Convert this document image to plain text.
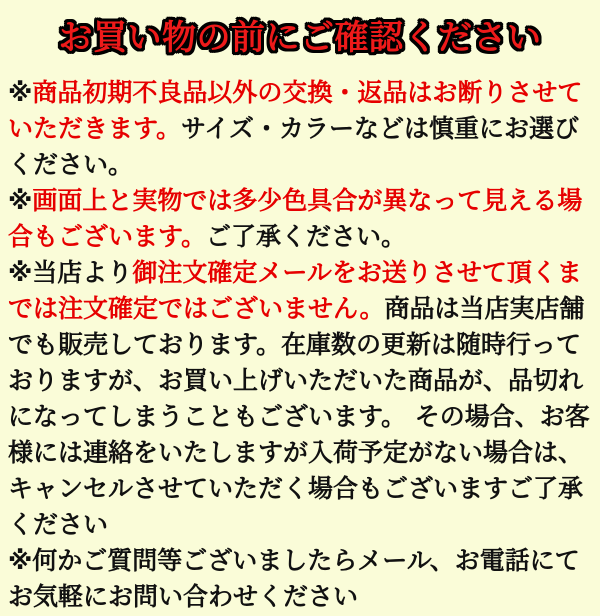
お買い物の前にご確認ください

※商品初期不良品以外の交換・返品はお断りさせていただきます。サイズ・カラーなどは慎重にお選びください。

※画面上と実物では多少色具合が異なって見える場合もございます。ご了承ください。

※当店より御注文確定メールをお送りさせて頂くまでは注文確定ではございません。商品は当店実店舗でも販売しております。在庫数の更新は随時行っておりますが、お買い上げいただいた商品が、品切れになってしまうこともございます。 その場合、お客様には連絡をいたしますが入荷予定がない場合は、キャンセルさせていただく場合もございますご了承ください

※何かご質問等ございましたらメール、お電話にてお気軽にお問い合わせください
